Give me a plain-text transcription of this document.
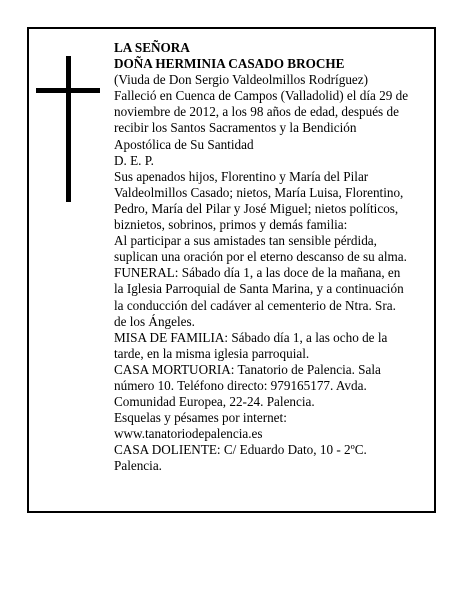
LA SEÑORA
DOÑA HERMINIA CASADO BROCHE
(Viuda de Don Sergio Valdeolmillos Rodríguez)
Falleció en Cuenca de Campos (Valladolid) el día 29 de
noviembre de 2012, a los 98 años de edad, después de
recibir los Santos Sacramentos y la Bendición
Apostólica de Su Santidad
D. E. P.
Sus apenados hijos, Florentino y María del Pilar
Valdeolmillos Casado; nietos, María Luisa, Florentino,
Pedro, María del Pilar y José Miguel; nietos políticos,
biznietos, sobrinos, primos y demás familia:
Al participar a sus amistades tan sensible pérdida,
suplican una oración por el eterno descanso de su alma.
FUNERAL: Sábado día 1, a las doce de la mañana, en
la Iglesia Parroquial de Santa Marina, y a continuación
la conducción del cadáver al cementerio de Ntra. Sra.
de los Ángeles.
MISA DE FAMILIA: Sábado día 1, a las ocho de la
tarde, en la misma iglesia parroquial.
CASA MORTUORIA: Tanatorio de Palencia. Sala
número 10. Teléfono directo: 979165177. Avda.
Comunidad Europea, 22-24. Palencia.
Esquelas y pésames por internet:
www.tanatoriodepalencia.es
CASA DOLIENTE: C/ Eduardo Dato, 10 - 2ºC.
Palencia.
